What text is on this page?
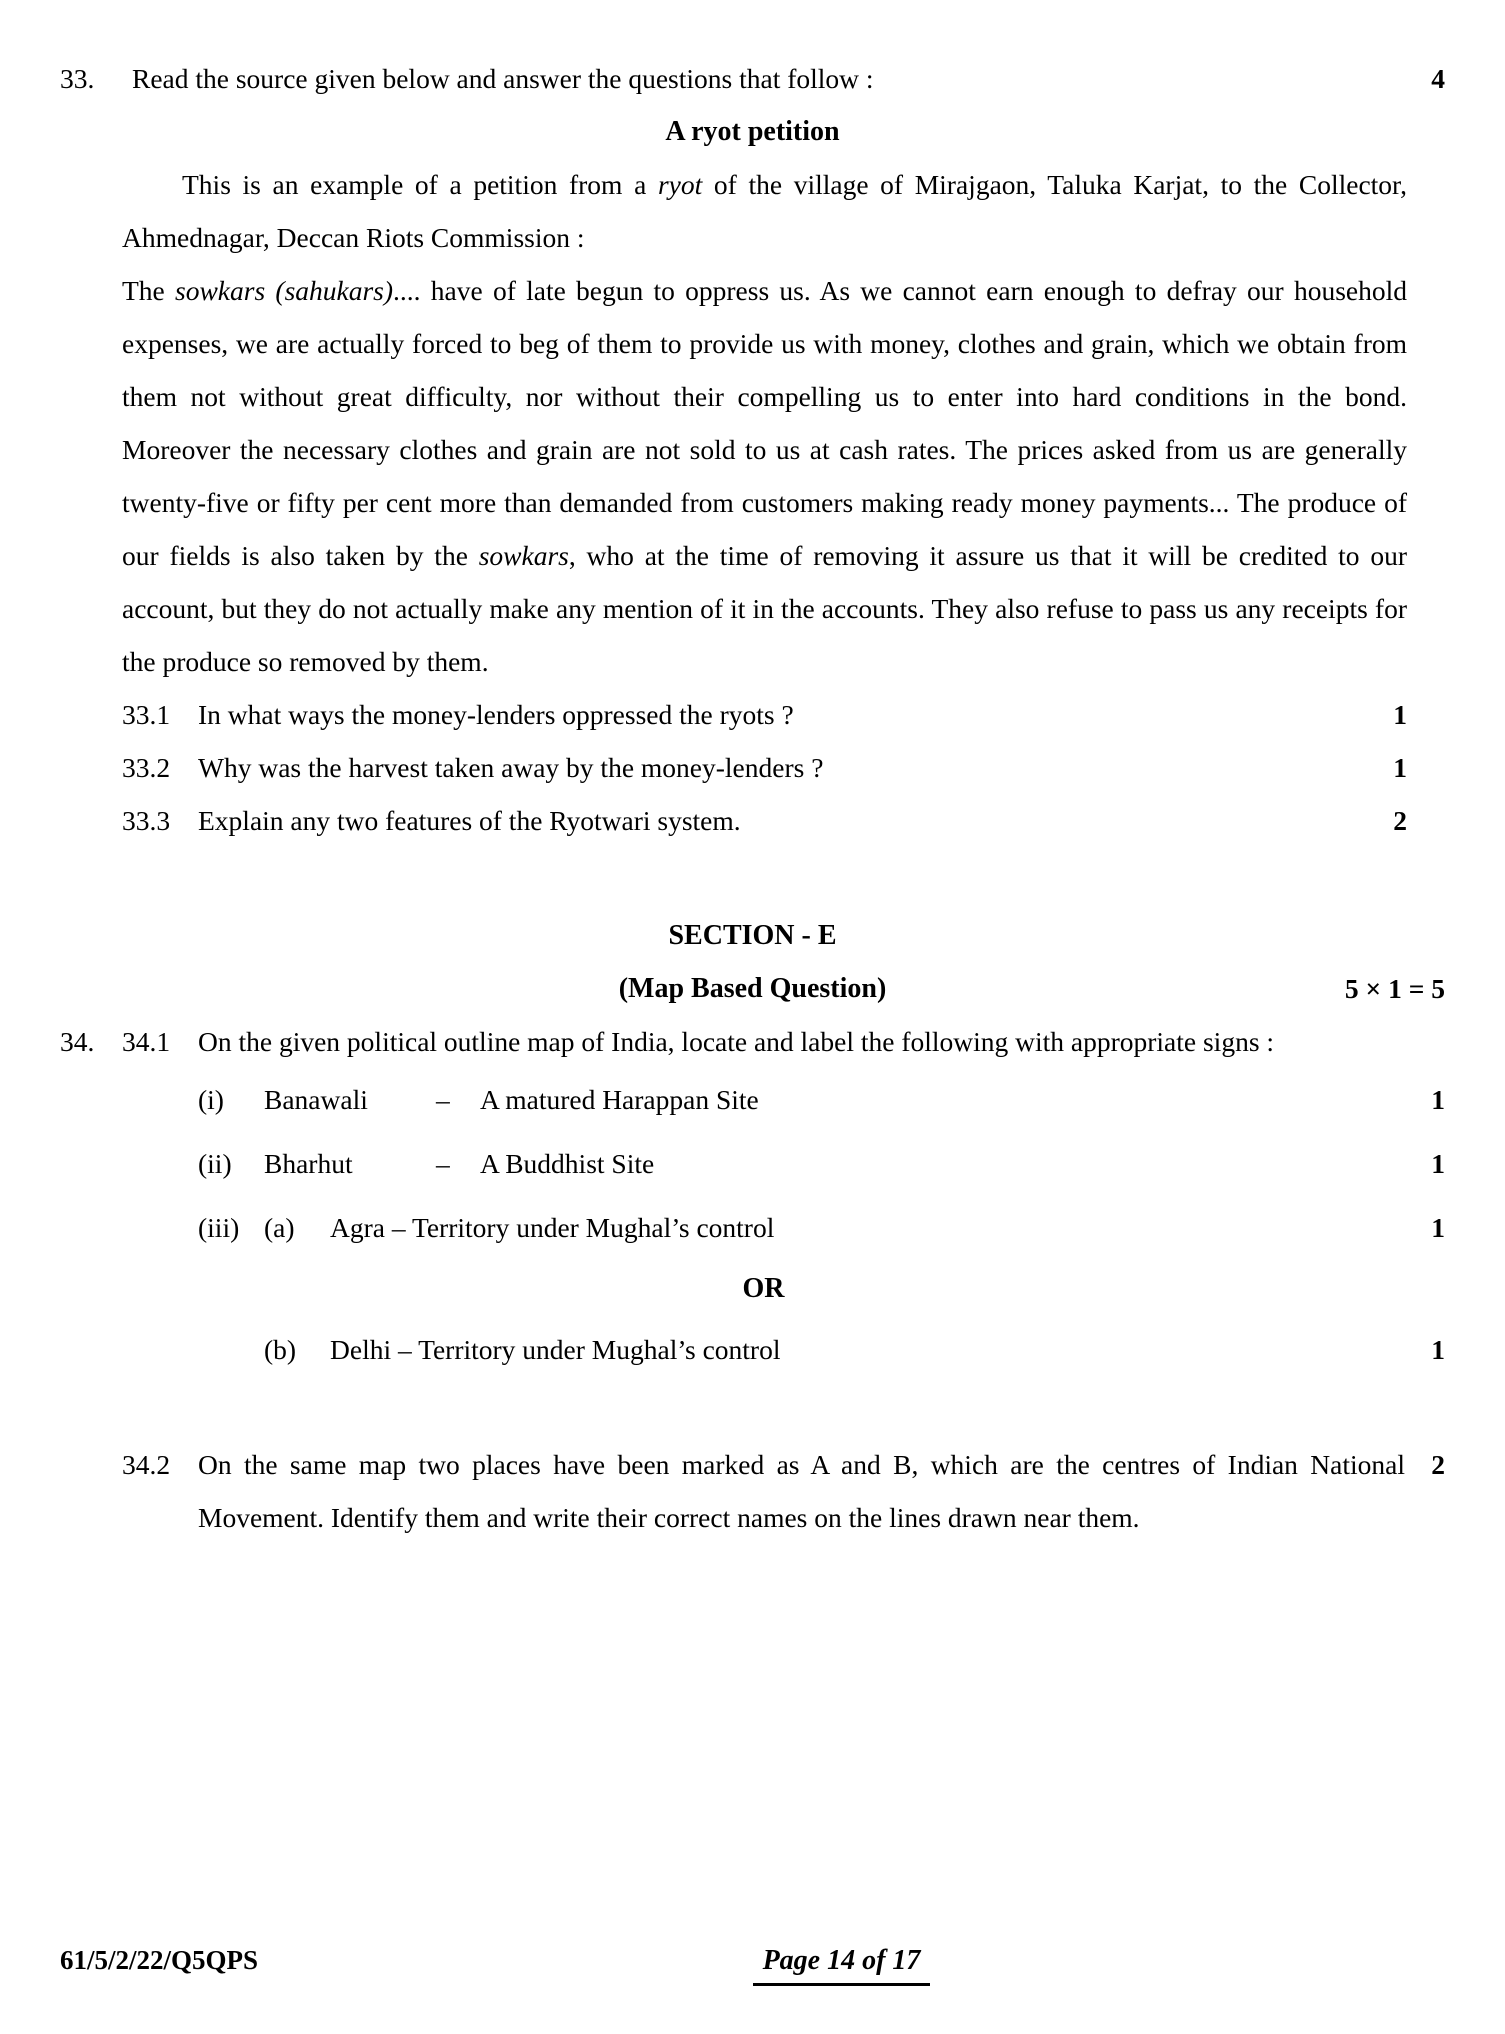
33.	Read the source given below and answer the questions that follow :	4
A ryot petition

This is an example of a petition from a ryot of the village of Mirajgaon, Taluka Karjat, to the Collector, Ahmednagar, Deccan Riots Commission :

The sowkars (sahukars).... have of late begun to oppress us. As we cannot earn enough to defray our household expenses, we are actually forced to beg of them to provide us with money, clothes and grain, which we obtain from them not without great difficulty, nor without their compelling us to enter into hard conditions in the bond. Moreover the necessary clothes and grain are not sold to us at cash rates. The prices asked from us are generally twenty-five or fifty per cent more than demanded from customers making ready money payments... The produce of our fields is also taken by the sowkars, who at the time of removing it assure us that it will be credited to our account, but they do not actually make any mention of it in the accounts. They also refuse to pass us any receipts for the produce so removed by them.

33.1	In what ways the money-lenders oppressed the ryots ?	1
33.2	Why was the harvest taken away by the money-lenders ?	1
33.3	Explain any two features of the Ryotwari system.	2
SECTION - E
(Map Based Question)	5 × 1 = 5
34.	34.1	On the given political outline map of India, locate and label the following with appropriate signs :
(i)	Banawali	–	A matured Harappan Site	1
(ii)	Bharhut	–	A Buddhist Site	1
(iii) (a)	Agra – Territory under Mughal’s control	1
OR
(b)	Delhi – Territory under Mughal’s control	1
34.2	On the same map two places have been marked as A and B, which are the centres of Indian National Movement. Identify them and write their correct names on the lines drawn near them.
2
61/5/2/22/Q5QPS	Page 14 of 17
